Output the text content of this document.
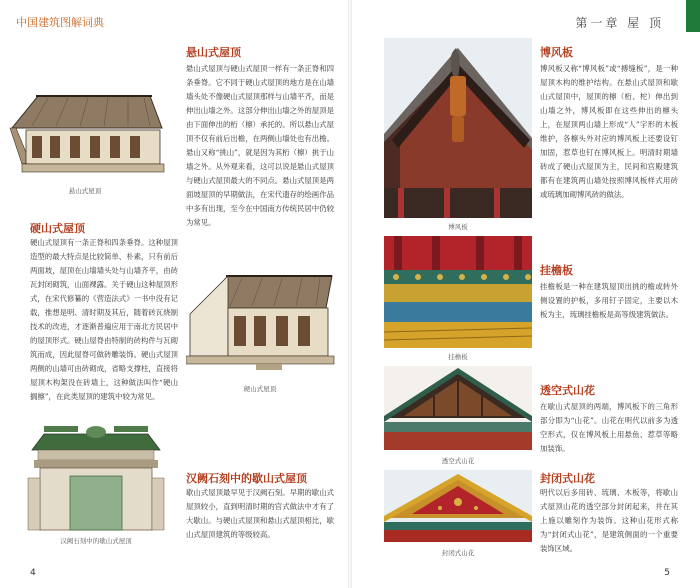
中国建筑图解词典
悬山式屋顶
悬山式屋顶

悬山式屋顶与硬山式屋顶一样有一条正脊和四条垂脊。它不同于硬山式屋顶的地方是在山墙墙头处不像硬山式屋顶那样与山墙平齐，而是伸出山墙之外。这部分伸出山墙之外的屋顶是由下面伸出的桁（檩）承托的。所以悬山式屋顶不仅有前后出檐，在两侧山墙处也有出檐。悬山又称“挑山”，就是因为其桁（檩）挑于山墙之外。从外观来看，这可以说是悬山式屋顶与硬山式屋顶最大的不同点。悬山式屋顶是两面坡屋顶的早期做法，在宋代遗存的绘画作品中多有出现，至今在中国南方传统民居中仍较为常见。

硬山式屋顶

硬山式屋顶有一条正脊和四条垂脊。这种屋顶造型的最大特点是比较简单、朴素，只有前后两面坡，屋顶在山墙墙头处与山墙齐平，由砖瓦封闭砌筑，山面裸露。关于硬山这种屋顶形式，在宋代修纂的《营造法式》一书中没有记载，推想是明、清时期及其后，随着砖瓦烧制技术的改进，才逐渐普遍应用于南北方民居中的屋顶形式。硬山屋脊由特制的砖构件与瓦砌筑而成，因此屋脊可做砖雕装饰。硬山式屋顶两侧的山墙可由砖砌成，省略支撑柱，直接将屋顶木构架没在砖墙上，这种做法叫作“硬山搁檩”，在此类屋顶的建筑中较为常见。

硬山式屋顶
汉阙石刻中的歇山式屋顶
汉阙石刻中的歇山式屋顶

歇山式屋顶最早见于汉阙石刻。早期的歇山式屋顶较小，直到明清时期的官式做法中才有了大歇山。与硬山式屋顶和悬山式屋顶相比，歇山式屋顶建筑的等级较高。

4
第一章 屋 顶
博风板
博风板

博风板又称“博风板”或“搏缝板”，是一种屋顶木构的维护结构。在悬山式屋顶和歇山式屋顶中，屋顶的檩（桁、柁）伸出到山墙之外，博风板即在这些伸出的檩头上，在屋顶两山墙上形成“人”字形的木板维护，各檩头外对应的博风板上还要设钉加固，惹草也钉在博风板上。明清时期墙砖成了硬山式屋顶为主，民间和宫殿建筑都有在建筑两山墙处按照博风板样式用砖或琉璃加砌博风砖的做法。

挂檐板
挂檐板

挂檐板是一种在建筑屋顶出挑的檐或转外侧设置的护板，多用钉子固定，主要以木板为主，琉璃挂檐板是高等级建筑做法。

透空式山花
透空式山花

在歇山式屋顶的两端，博风板下的三角形部分即为“山花”。山花在明代以前多为透空形式，仅在博风板上用悬鱼、惹草等略加装饰。

封闭式山花
封闭式山花

明代以后多用砖、琉璃、木板等，将歇山式屋顶山花的透空部分封闭起来，并在其上施以雕刻作为装饰。这种山花形式称为“封闭式山花”，是建筑侧面的一个重要装饰区域。

5
